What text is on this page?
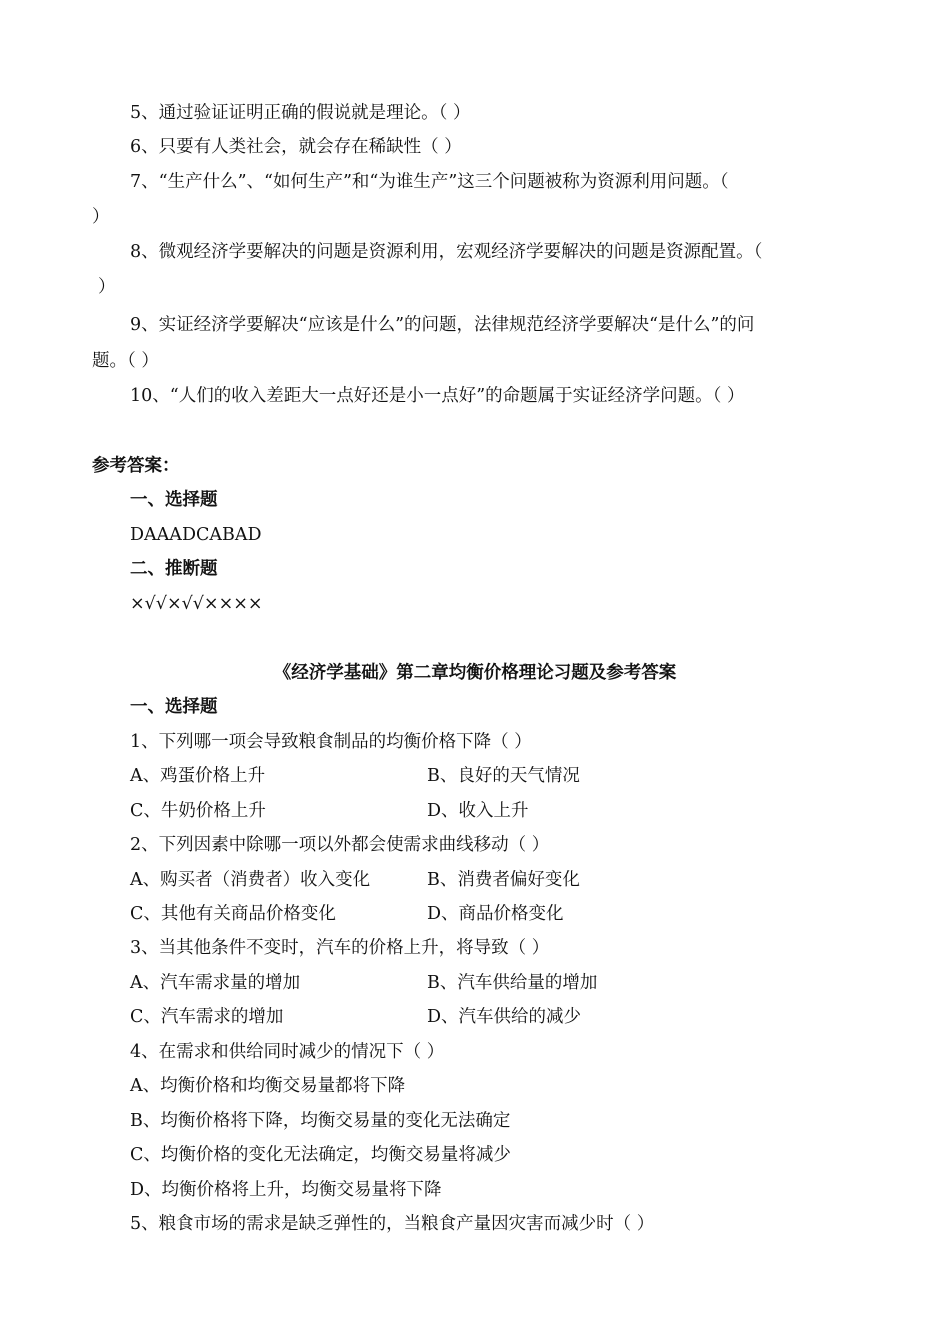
5、通过验证证明正确的假说就是理论。（ ）
6、只要有人类社会，就会存在稀缺性（ ）
7、“生产什么”、“如何生产”和“为谁生产”这三个问题被称为资源利用问题。（
）
8、微观经济学要解决的问题是资源利用，宏观经济学要解决的问题是资源配置。（
）
9、实证经济学要解决“应该是什么”的问题，法律规范经济学要解决“是什么”的问
题。（ ）
10、“人们的收入差距大一点好还是小一点好”的命题属于实证经济学问题。（ ）
参考答案：
一、选择题
DAAADCABAD
二、推断题
×√√×√√××××
《经济学基础》第二章均衡价格理论习题及参考答案
一、选择题
1、下列哪一项会导致粮食制品的均衡价格下降（ ）
A、鸡蛋价格上升	B、良好的天气情况
C、牛奶价格上升	D、收入上升
2、下列因素中除哪一项以外都会使需求曲线移动（ ）
A、购买者（消费者）收入变化	B、消费者偏好变化
C、其他有关商品价格变化	D、商品价格变化
3、当其他条件不变时，汽车的价格上升，将导致（ ）
A、汽车需求量的增加	B、汽车供给量的增加
C、汽车需求的增加	D、汽车供给的减少
4、在需求和供给同时减少的情况下（ ）
A、均衡价格和均衡交易量都将下降
B、均衡价格将下降，均衡交易量的变化无法确定
C、均衡价格的变化无法确定，均衡交易量将减少
D、均衡价格将上升，均衡交易量将下降
5、粮食市场的需求是缺乏弹性的，当粮食产量因灾害而减少时（ ）
